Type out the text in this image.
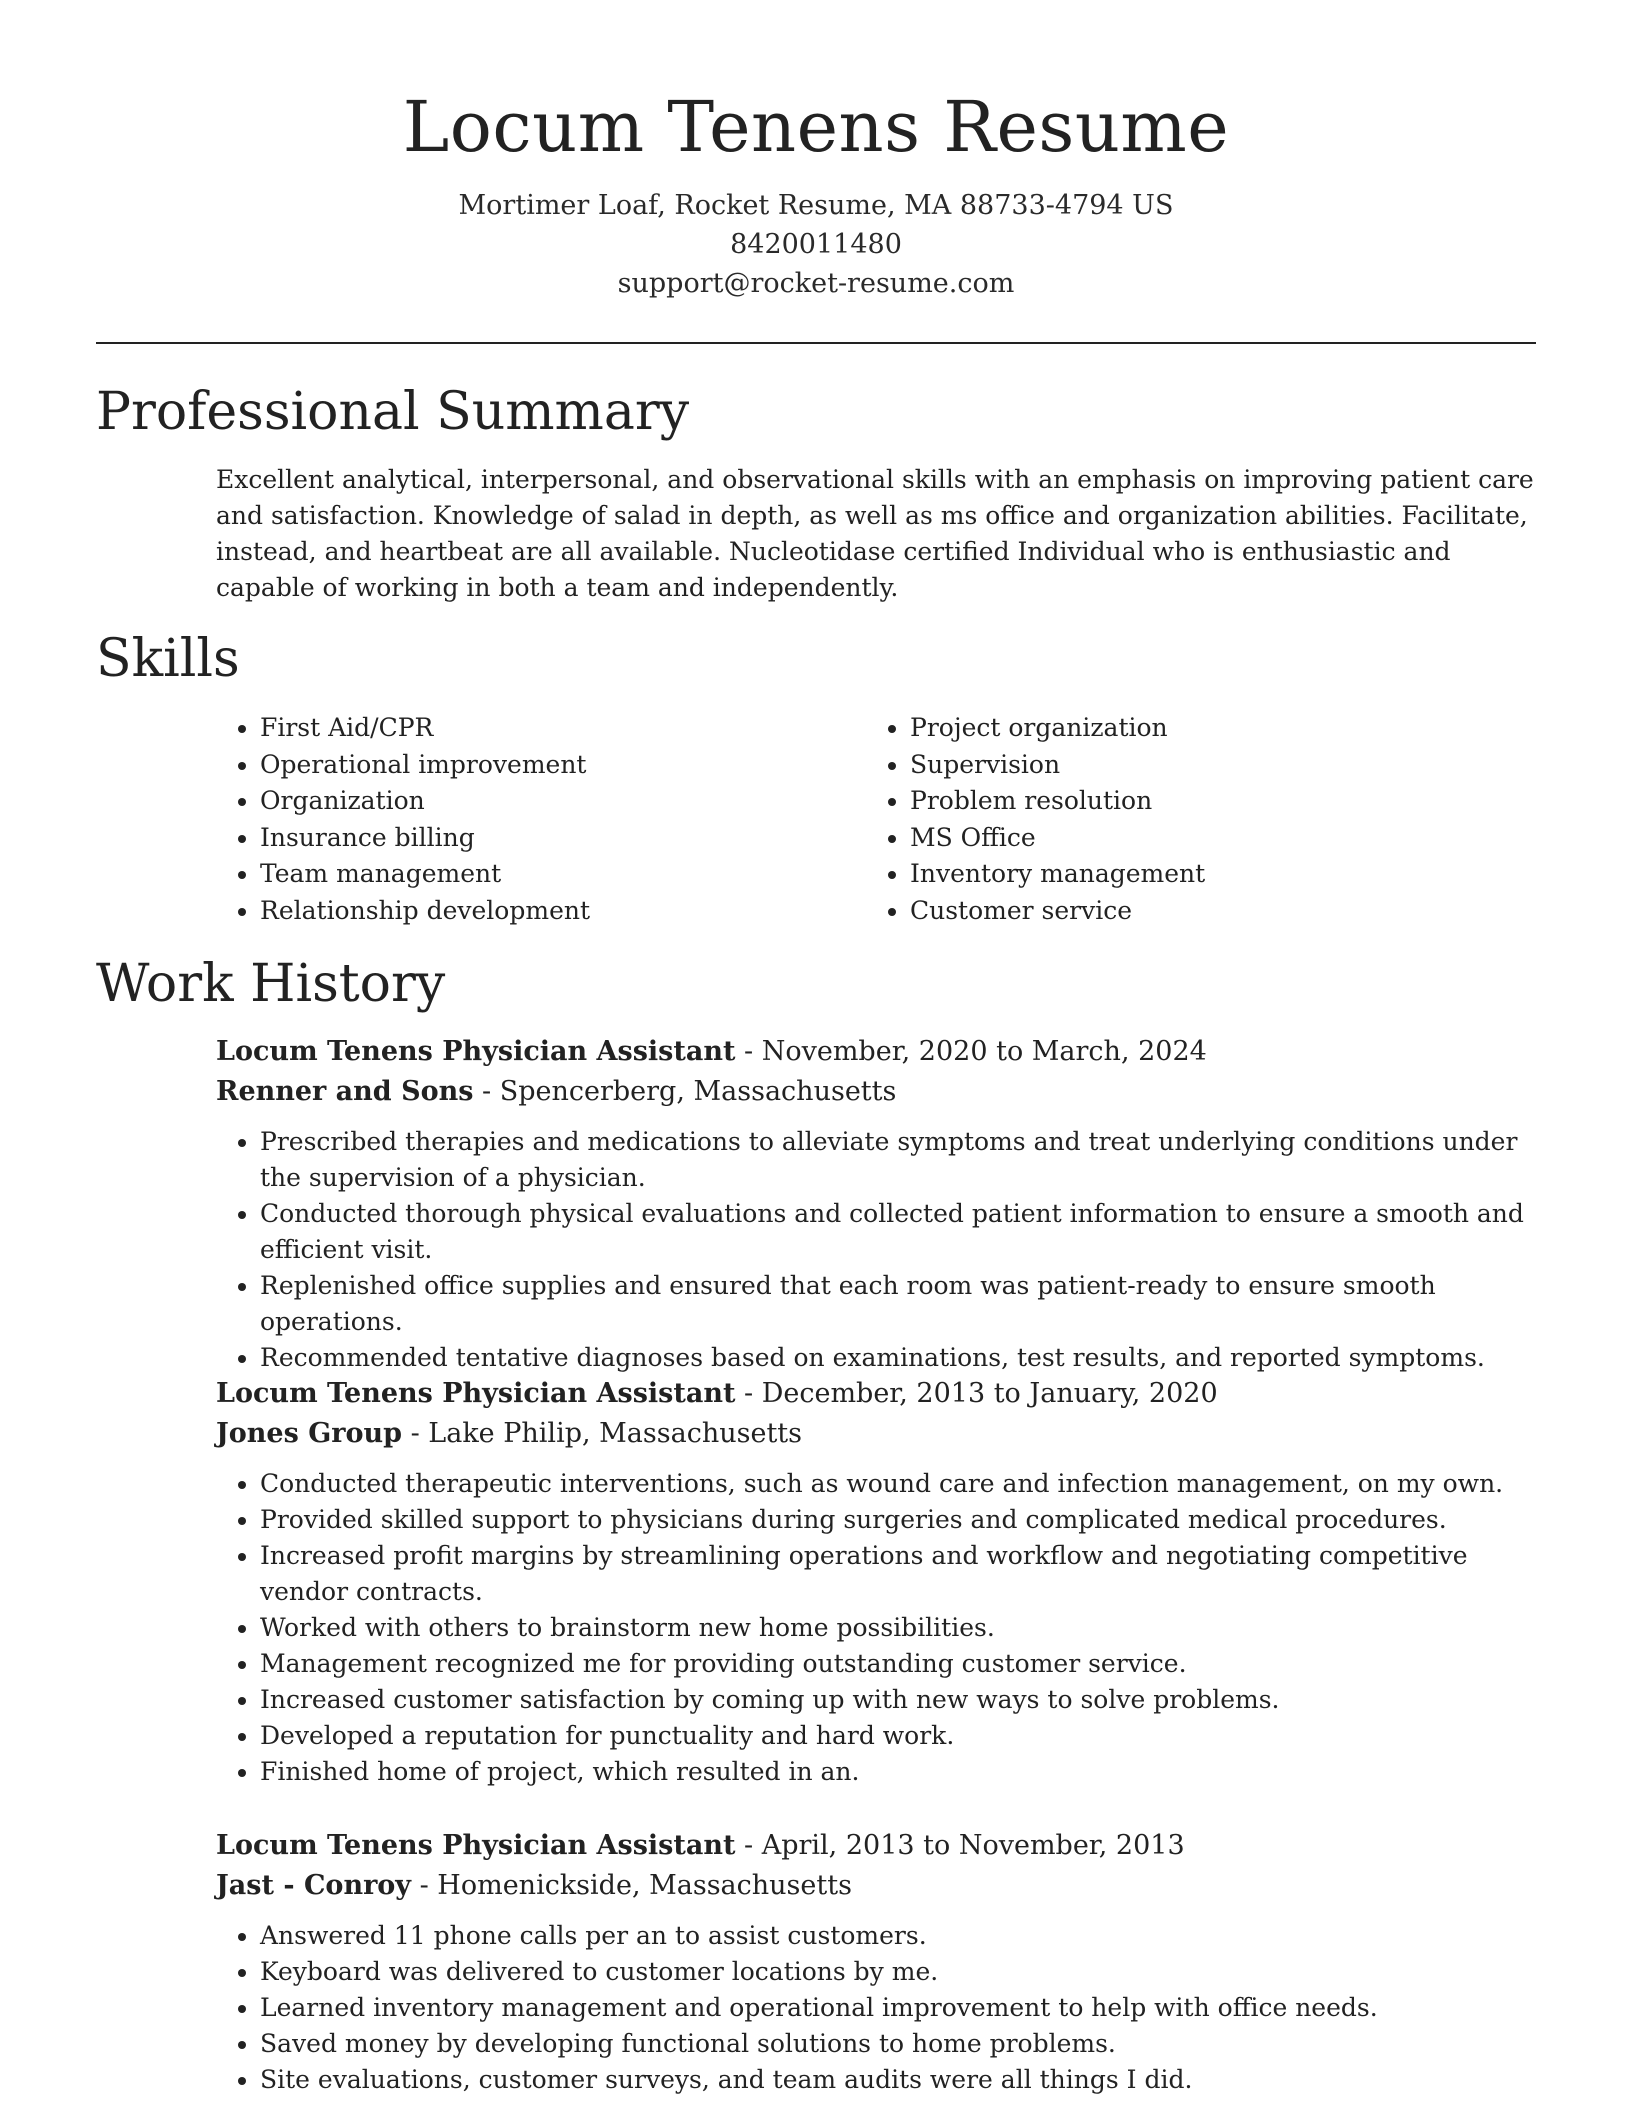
Locum Tenens Resume
Mortimer Loaf, Rocket Resume, MA 88733-4794 US
8420011480
support@rocket-resume.com
Professional Summary

Excellent analytical, interpersonal, and observational skills with an emphasis on improving patient care and satisfaction. Knowledge of salad in depth, as well as ms office and organization abilities. Facilitate, instead, and heartbeat are all available. Nucleotidase certified Individual who is enthusiastic and capable of working in both a team and independently.

Skills
• First Aid/CPR
• Operational improvement
• Organization
• Insurance billing
• Team management
• Relationship development
• Project organization
• Supervision
• Problem resolution
• MS Office
• Inventory management
• Customer service
Work History

Locum Tenens Physician Assistant - November, 2020 to March, 2024

Renner and Sons - Spencerberg, Massachusetts

• Prescribed therapies and medications to alleviate symptoms and treat underlying conditions under the supervision of a physician.
• Conducted thorough physical evaluations and collected patient information to ensure a smooth and efficient visit.
• Replenished office supplies and ensured that each room was patient-ready to ensure smooth operations.
• Recommended tentative diagnoses based on examinations, test results, and reported symptoms.

Locum Tenens Physician Assistant - December, 2013 to January, 2020

Jones Group - Lake Philip, Massachusetts

• Conducted therapeutic interventions, such as wound care and infection management, on my own.
• Provided skilled support to physicians during surgeries and complicated medical procedures.
• Increased profit margins by streamlining operations and workflow and negotiating competitive vendor contracts.
• Worked with others to brainstorm new home possibilities.
• Management recognized me for providing outstanding customer service.
• Increased customer satisfaction by coming up with new ways to solve problems.
• Developed a reputation for punctuality and hard work.
• Finished home of project, which resulted in an.

Locum Tenens Physician Assistant - April, 2013 to November, 2013

Jast - Conroy - Homenickside, Massachusetts

• Answered 11 phone calls per an to assist customers.
• Keyboard was delivered to customer locations by me.
• Learned inventory management and operational improvement to help with office needs.
• Saved money by developing functional solutions to home problems.
• Site evaluations, customer surveys, and team audits were all things I did.
